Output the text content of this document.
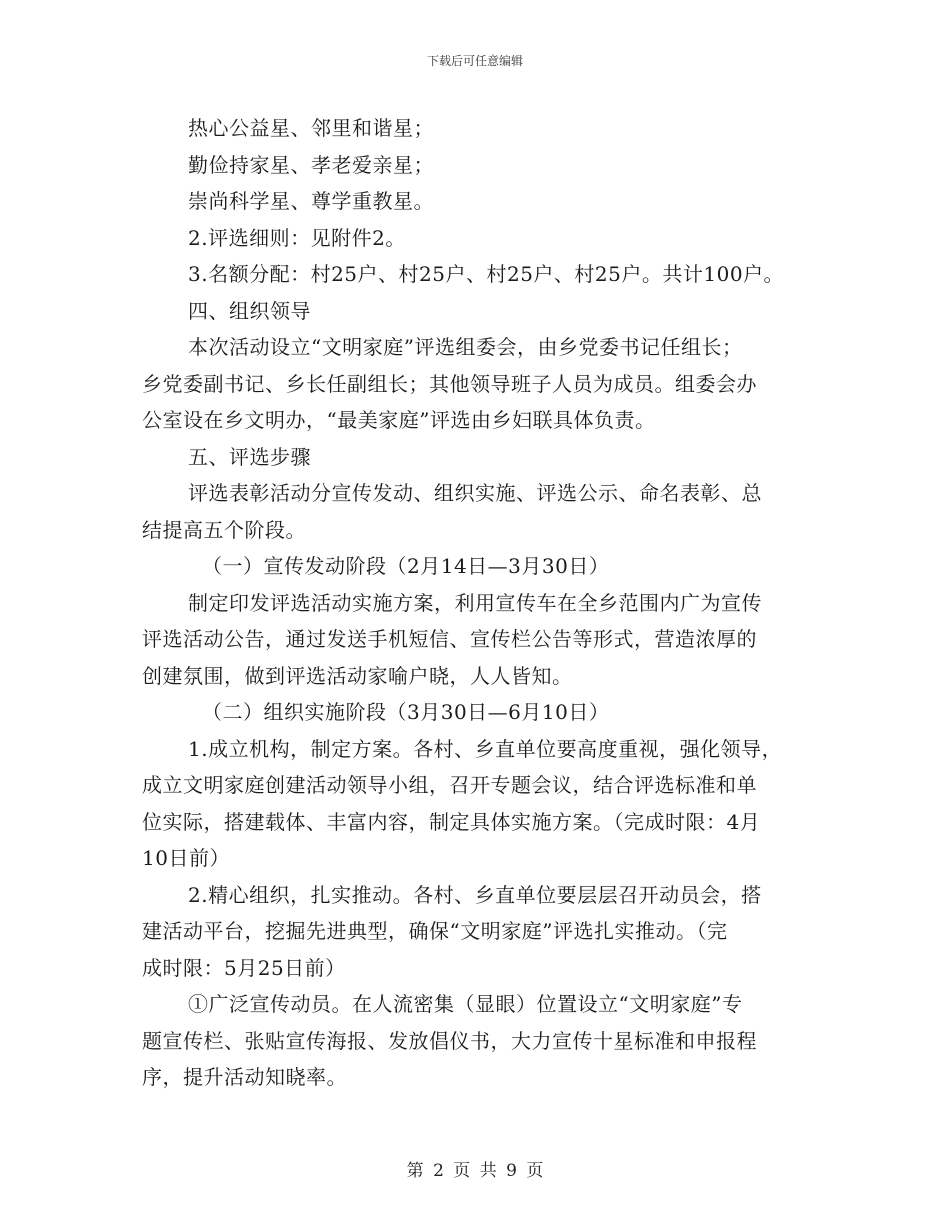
下载后可任意编辑
热心公益星、邻里和谐星；
勤俭持家星、孝老爱亲星；
崇尚科学星、尊学重教星。
2.评选细则：见附件2。
3.名额分配：村25户、村25户、村25户、村25户。共计100户。
四、组织领导
本次活动设立“文明家庭”评选组委会，由乡党委书记任组长；
乡党委副书记、乡长任副组长；其他领导班子人员为成员。组委会办
公室设在乡文明办，“最美家庭”评选由乡妇联具体负责。
五、评选步骤
评选表彰活动分宣传发动、组织实施、评选公示、命名表彰、总
结提高五个阶段。
（一）宣传发动阶段（2月14日—3月30日）
制定印发评选活动实施方案，利用宣传车在全乡范围内广为宣传
评选活动公告，通过发送手机短信、宣传栏公告等形式，营造浓厚的
创建氛围，做到评选活动家喻户晓，人人皆知。
（二）组织实施阶段（3月30日—6月10日）
1.成立机构，制定方案。各村、乡直单位要高度重视，强化领导，
成立文明家庭创建活动领导小组，召开专题会议，结合评选标准和单
位实际，搭建载体、丰富内容，制定具体实施方案。（完成时限：4月
10日前）
2.精心组织，扎实推动。各村、乡直单位要层层召开动员会，搭
建活动平台，挖掘先进典型，确保“文明家庭”评选扎实推动。（完
成时限：5月25日前）
①广泛宣传动员。在人流密集（显眼）位置设立“文明家庭”专
题宣传栏、张贴宣传海报、发放倡仪书，大力宣传十星标准和申报程
序，提升活动知晓率。
第 2 页 共 9 页
